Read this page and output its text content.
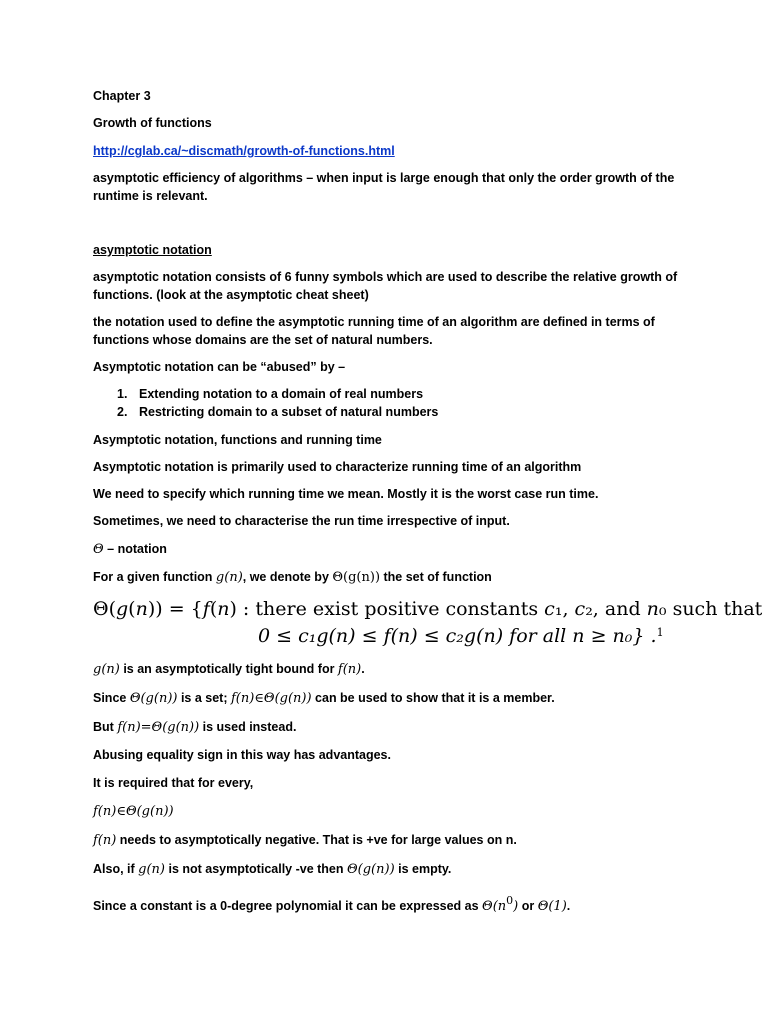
Chapter 3
Growth of functions
http://cglab.ca/~discmath/growth-of-functions.html
asymptotic efficiency of algorithms – when input is large enough that only the order growth of the
runtime is relevant.
asymptotic notation
asymptotic notation consists of 6 funny symbols which are used to describe the relative growth of
functions. (look at the asymptotic cheat sheet)
the notation used to define the asymptotic running time of an algorithm are defined in terms of
functions whose domains are the set of natural numbers.
Asymptotic notation can be “abused” by –
1. Extending notation to a domain of real numbers
2. Restricting domain to a subset of natural numbers
Asymptotic notation, functions and running time
Asymptotic notation is primarily used to characterize running time of an algorithm
We need to specify which running time we mean. Mostly it is the worst case run time.
Sometimes, we need to characterise the run time irrespective of input.
Θ – notation
For a given function g(n), we denote by Θ(g(n)) the set of function
Θ(g(n)) = {f(n) : there exist positive constants c₁, c₂, and n₀ such that
0 ≤ c₁g(n) ≤ f(n) ≤ c₂g(n) for all n ≥ n₀} .$^1$
g(n) is an asymptotically tight bound for f(n).
Since Θ(g(n)) is a set; f(n)∈Θ(g(n)) can be used to show that it is a member.
But f(n)=Θ(g(n)) is used instead.
Abusing equality sign in this way has advantages.
It is required that for every,
f(n)∈Θ(g(n))
f(n) needs to asymptotically negative. That is +ve for large values on n.
Also, if g(n) is not asymptotically -ve then Θ(g(n)) is empty.
Since a constant is a 0-degree polynomial it can be expressed as Θ(n0) or Θ(1).
